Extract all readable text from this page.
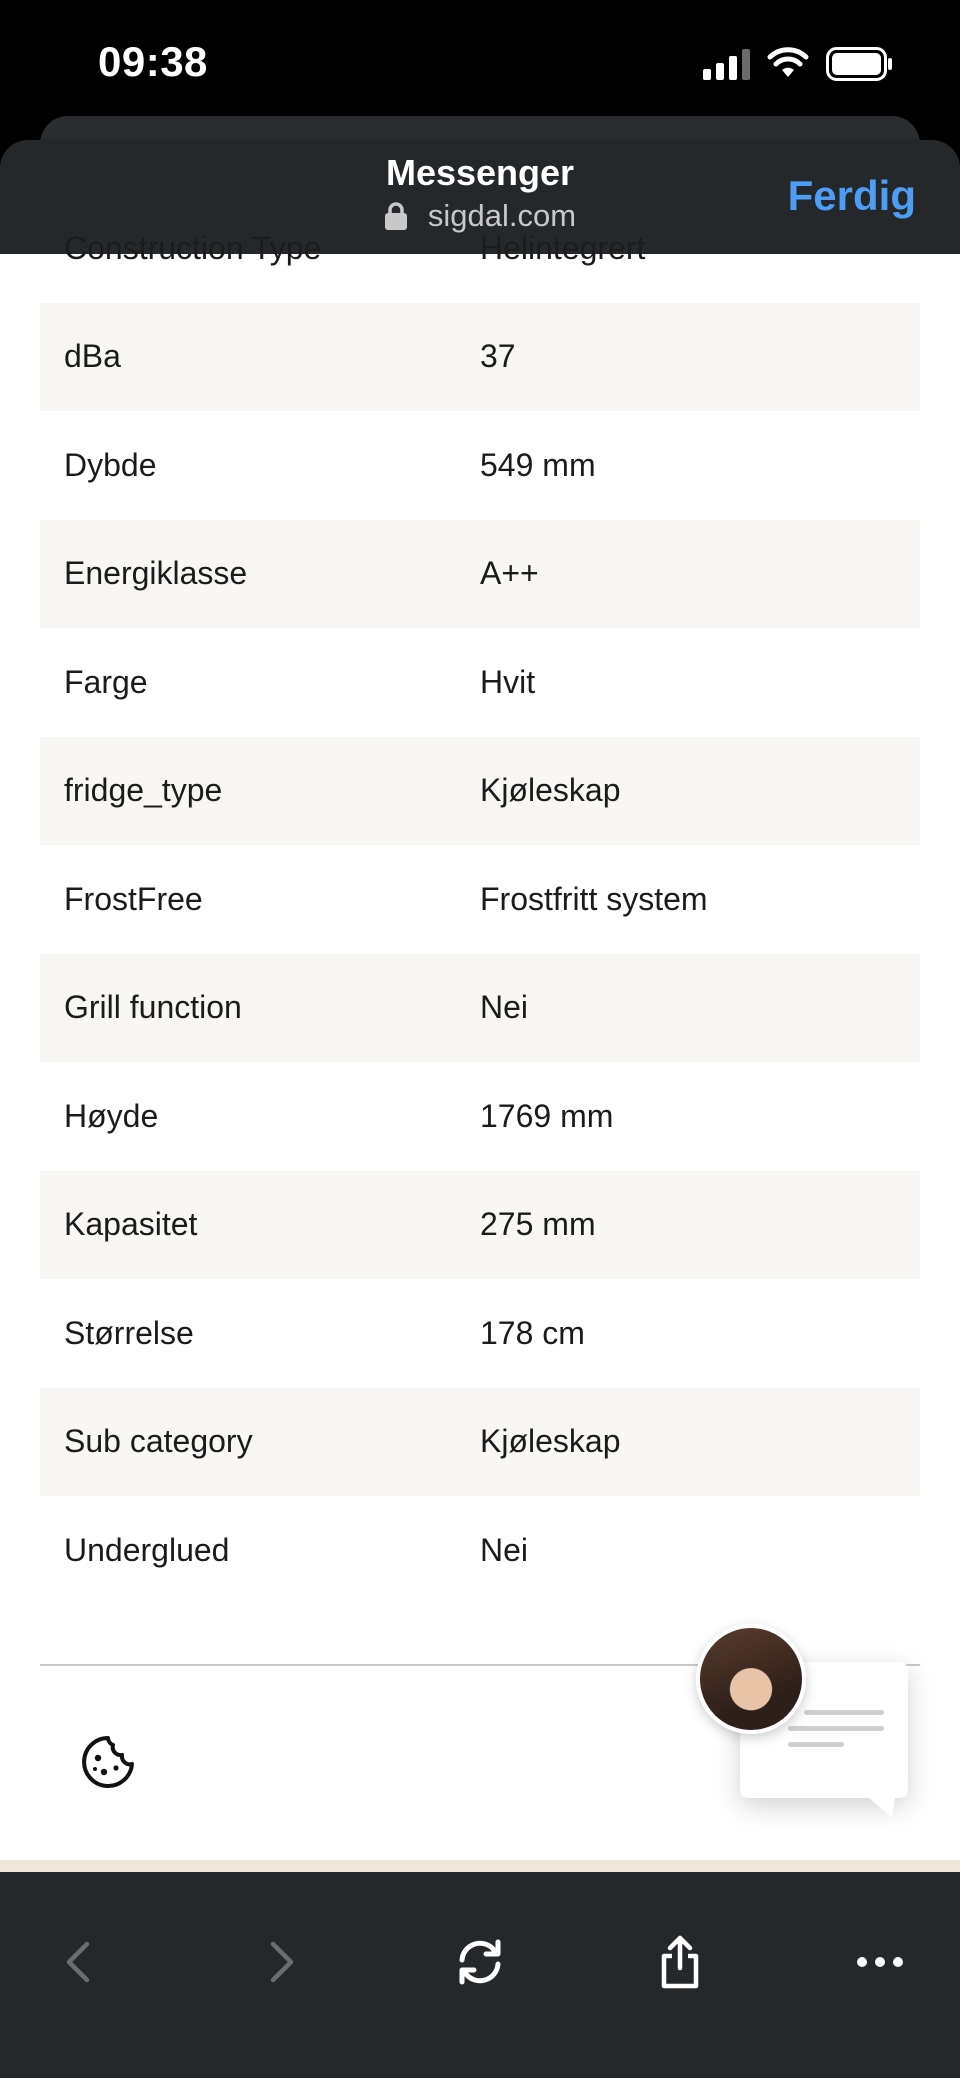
09:38
Messenger
sigdal.com	Ferdig
Construction Type	Helintegrert
dBa	37
Dybde	549 mm
Energiklasse	A++
Farge	Hvit
fridge_type	Kjøleskap
FrostFree	Frostfritt system
Grill function	Nei
Høyde	1769 mm
Kapasitet	275 mm
Størrelse	178 cm
Sub category	Kjøleskap
Underglued	Nei
